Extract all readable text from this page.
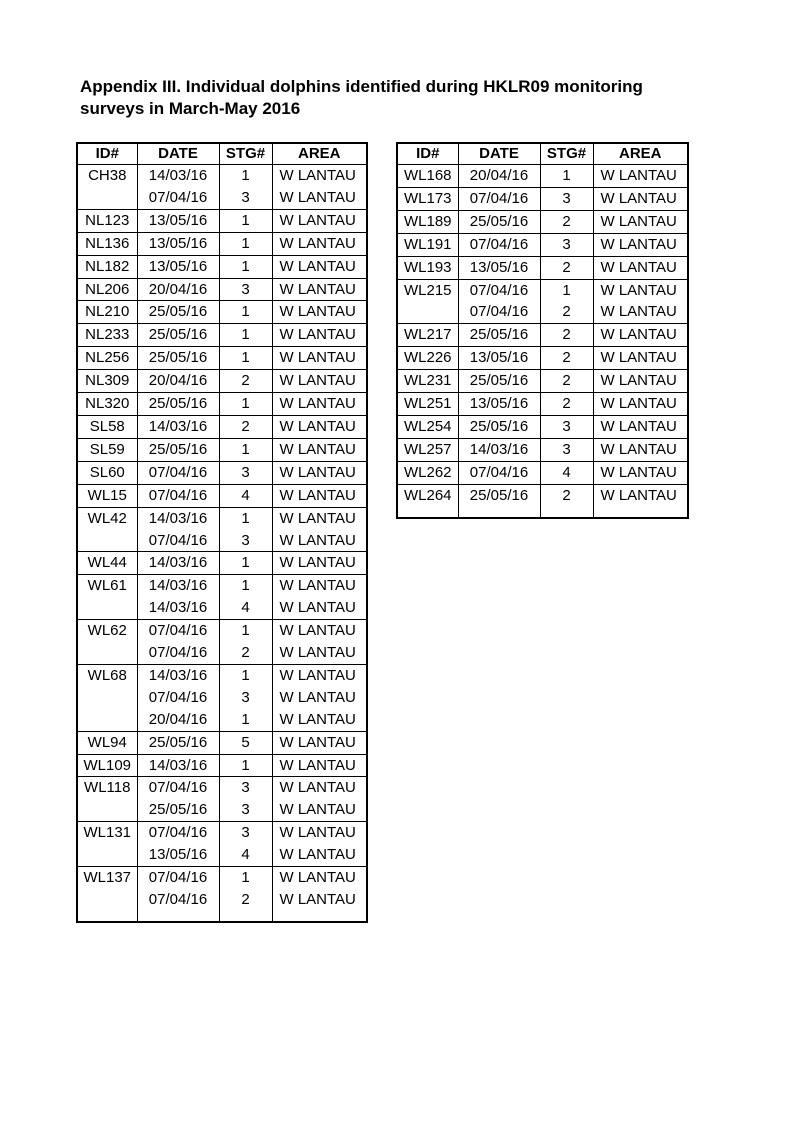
Appendix III. Individual dolphins identified during HKLR09 monitoring
surveys in March-May 2016
ID#	DATE	STG#	AREA
CH38	14/03/16	1	W LANTAU
	07/04/16	3	W LANTAU
NL123	13/05/16	1	W LANTAU
NL136	13/05/16	1	W LANTAU
NL182	13/05/16	1	W LANTAU
NL206	20/04/16	3	W LANTAU
NL210	25/05/16	1	W LANTAU
NL233	25/05/16	1	W LANTAU
NL256	25/05/16	1	W LANTAU
NL309	20/04/16	2	W LANTAU
NL320	25/05/16	1	W LANTAU
SL58	14/03/16	2	W LANTAU
SL59	25/05/16	1	W LANTAU
SL60	07/04/16	3	W LANTAU
WL15	07/04/16	4	W LANTAU
WL42	14/03/16	1	W LANTAU
	07/04/16	3	W LANTAU
WL44	14/03/16	1	W LANTAU
WL61	14/03/16	1	W LANTAU
	14/03/16	4	W LANTAU
WL62	07/04/16	1	W LANTAU
	07/04/16	2	W LANTAU
WL68	14/03/16	1	W LANTAU
	07/04/16	3	W LANTAU
	20/04/16	1	W LANTAU
WL94	25/05/16	5	W LANTAU
WL109	14/03/16	1	W LANTAU
WL118	07/04/16	3	W LANTAU
	25/05/16	3	W LANTAU
WL131	07/04/16	3	W LANTAU
	13/05/16	4	W LANTAU
WL137	07/04/16	1	W LANTAU
	07/04/16	2	W LANTAU

ID#	DATE	STG#	AREA
WL168	20/04/16	1	W LANTAU
WL173	07/04/16	3	W LANTAU
WL189	25/05/16	2	W LANTAU
WL191	07/04/16	3	W LANTAU
WL193	13/05/16	2	W LANTAU
WL215	07/04/16	1	W LANTAU
	07/04/16	2	W LANTAU
WL217	25/05/16	2	W LANTAU
WL226	13/05/16	2	W LANTAU
WL231	25/05/16	2	W LANTAU
WL251	13/05/16	2	W LANTAU
WL254	25/05/16	3	W LANTAU
WL257	14/03/16	3	W LANTAU
WL262	07/04/16	4	W LANTAU
WL264	25/05/16	2	W LANTAU
